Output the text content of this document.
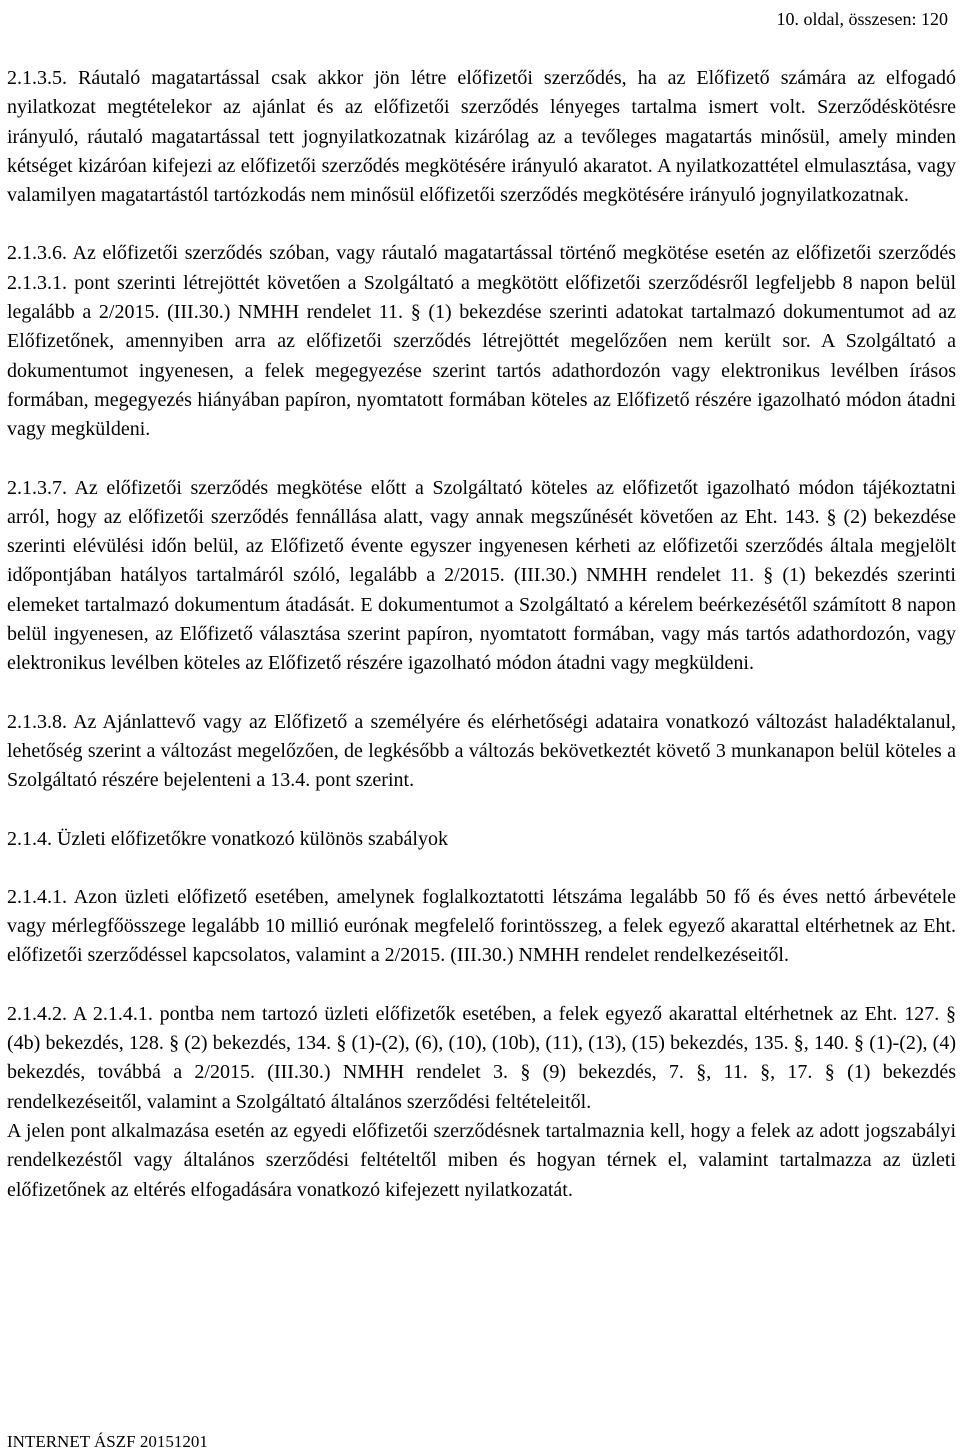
10. oldal, összesen: 120

2.1.3.5. Ráutaló magatartással csak akkor jön létre előfizetői szerződés, ha az Előfizető számára az elfogadó nyilatkozat megtételekor az ajánlat és az előfizetői szerződés lényeges tartalma ismert volt. Szerződéskötésre irányuló, ráutaló magatartással tett jognyilatkozatnak kizárólag az a tevőleges magatartás minősül, amely minden kétséget kizáróan kifejezi az előfizetői szerződés megkötésére irányuló akaratot. A nyilatkozattétel elmulasztása, vagy valamilyen magatartástól tartózkodás nem minősül előfizetői szerződés megkötésére irányuló jognyilatkozatnak.

2.1.3.6. Az előfizetői szerződés szóban, vagy ráutaló magatartással történő megkötése esetén az előfizetői szerződés 2.1.3.1. pont szerinti létrejöttét követően a Szolgáltató a megkötött előfizetői szerződésről legfeljebb 8 napon belül legalább a 2/2015. (III.30.) NMHH rendelet 11. § (1) bekezdése szerinti adatokat tartalmazó dokumentumot ad az Előfizetőnek, amennyiben arra az előfizetői szerződés létrejöttét megelőzően nem került sor. A Szolgáltató a dokumentumot ingyenesen, a felek megegyezése szerint tartós adathordozón vagy elektronikus levélben írásos formában, megegyezés hiányában papíron, nyomtatott formában köteles az Előfizető részére igazolható módon átadni vagy megküldeni.

2.1.3.7. Az előfizetői szerződés megkötése előtt a Szolgáltató köteles az előfizetőt igazolható módon tájékoztatni arról, hogy az előfizetői szerződés fennállása alatt, vagy annak megszűnését követően az Eht. 143. § (2) bekezdése szerinti elévülési időn belül, az Előfizető évente egyszer ingyenesen kérheti az előfizetői szerződés általa megjelölt időpontjában hatályos tartalmáról szóló, legalább a 2/2015. (III.30.) NMHH rendelet 11. § (1) bekezdés szerinti elemeket tartalmazó dokumentum átadását. E dokumentumot a Szolgáltató a kérelem beérkezésétől számított 8 napon belül ingyenesen, az Előfizető választása szerint papíron, nyomtatott formában, vagy más tartós adathordozón, vagy elektronikus levélben köteles az Előfizető részére igazolható módon átadni vagy megküldeni.

2.1.3.8. Az Ajánlattevő vagy az Előfizető a személyére és elérhetőségi adataira vonatkozó változást haladéktalanul, lehetőség szerint a változást megelőzően, de legkésőbb a változás bekövetkeztét követő 3 munkanapon belül köteles a Szolgáltató részére bejelenteni a 13.4. pont szerint.

2.1.4. Üzleti előfizetőkre vonatkozó különös szabályok

2.1.4.1. Azon üzleti előfizető esetében, amelynek foglalkoztatotti létszáma legalább 50 fő és éves nettó árbevétele vagy mérlegfőösszege legalább 10 millió eurónak megfelelő forintösszeg, a felek egyező akarattal eltérhetnek az Eht. előfizetői szerződéssel kapcsolatos, valamint a 2/2015. (III.30.) NMHH rendelet rendelkezéseitől.

2.1.4.2. A 2.1.4.1. pontba nem tartozó üzleti előfizetők esetében, a felek egyező akarattal eltérhetnek az Eht. 127. § (4b) bekezdés, 128. § (2) bekezdés, 134. § (1)-(2), (6), (10), (10b), (11), (13), (15) bekezdés, 135. §, 140. § (1)-(2), (4) bekezdés, továbbá a 2/2015. (III.30.) NMHH rendelet 3. § (9) bekezdés, 7. §, 11. §, 17. § (1) bekezdés rendelkezéseitől, valamint a Szolgáltató általános szerződési feltételeitől.

A jelen pont alkalmazása esetén az egyedi előfizetői szerződésnek tartalmaznia kell, hogy a felek az adott jogszabályi rendelkezéstől vagy általános szerződési feltételtől miben és hogyan térnek el, valamint tartalmazza az üzleti előfizetőnek az eltérés elfogadására vonatkozó kifejezett nyilatkozatát.

INTERNET ÁSZF 20151201
